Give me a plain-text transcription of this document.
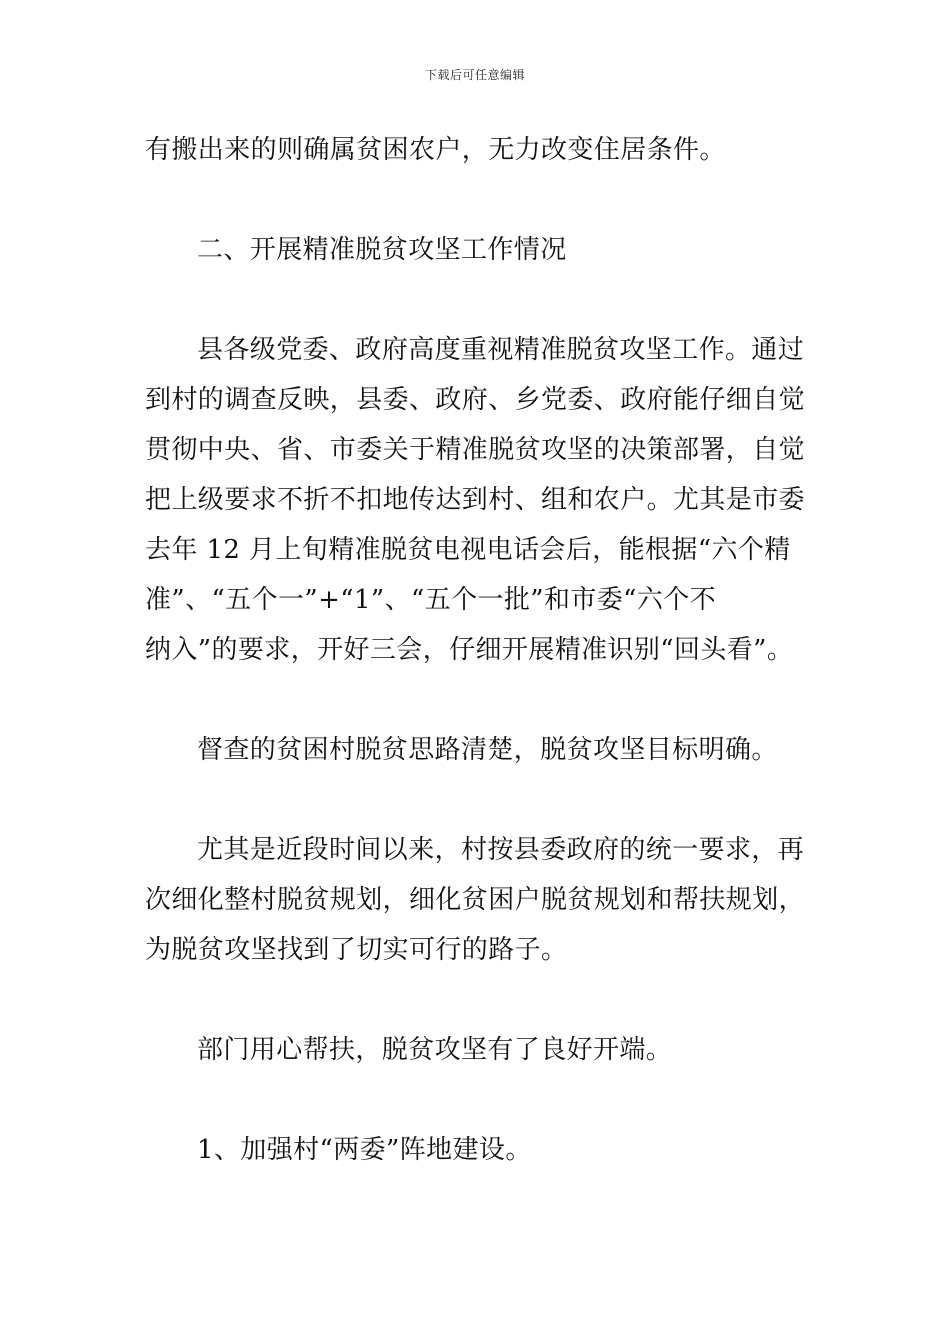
下载后可任意编辑
有搬出来的则确属贫困农户，无力改变住居条件。
二、开展精准脱贫攻坚工作情况
县各级党委、政府高度重视精准脱贫攻坚工作。通过
到村的调查反映，县委、政府、乡党委、政府能仔细自觉
贯彻中央、省、市委关于精准脱贫攻坚的决策部署，自觉
把上级要求不折不扣地传达到村、组和农户。尤其是市委
去年 12 月上旬精准脱贫电视电话会后，能根据“六个精
准”、“五个一”+“1”、“五个一批”和市委“六个不
纳入”的要求，开好三会，仔细开展精准识别“回头看”。
督查的贫困村脱贫思路清楚，脱贫攻坚目标明确。
尤其是近段时间以来，村按县委政府的统一要求，再
次细化整村脱贫规划，细化贫困户脱贫规划和帮扶规划，
为脱贫攻坚找到了切实可行的路子。
部门用心帮扶，脱贫攻坚有了良好开端。
1、加强村“两委”阵地建设。
